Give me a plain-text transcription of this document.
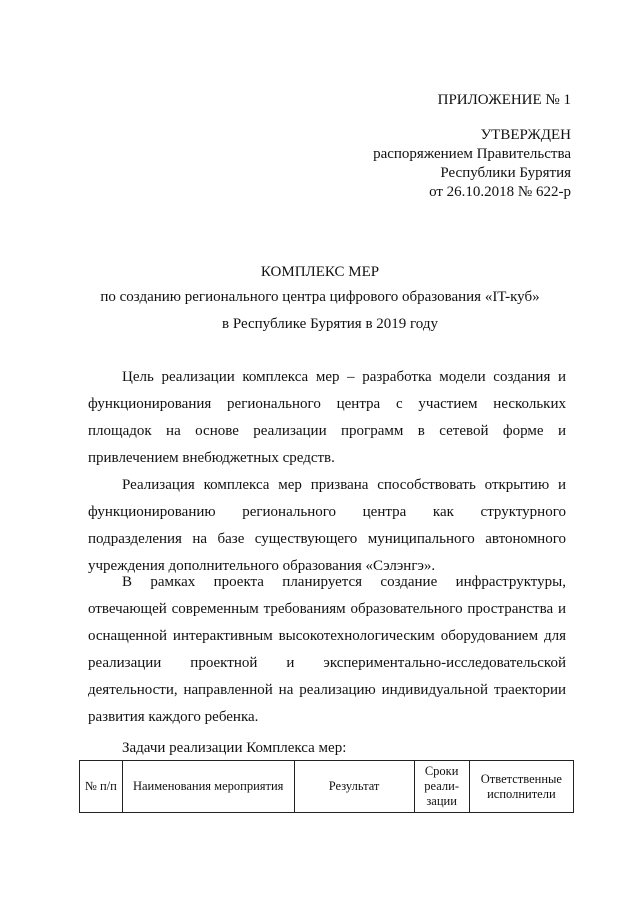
ПРИЛОЖЕНИЕ № 1
УТВЕРЖДЕН
распоряжением Правительства
Республики Бурятия
от 26.10.2018 № 622-р
КОМПЛЕКС МЕР
по созданию регионального центра цифрового образования «IT-куб»
в Республике Бурятия в 2019 году
Цель реализации комплекса мер – разработка модели создания и функционирования регионального центра с участием нескольких площадок на основе реализации программ в сетевой форме и привлечением внебюджетных средств.
Реализация комплекса мер призвана способствовать открытию и функционированию регионального центра как структурного подразделения на базе существующего муниципального автономного учреждения дополнительного образования «Сэлэнгэ».
В рамках проекта планируется создание инфраструктуры, отвечающей современным требованиям образовательного пространства и оснащенной интерактивным высокотехнологическим оборудованием для реализации проектной и экспериментально-исследовательской деятельности, направленной на реализацию индивидуальной траектории развития каждого ребенка.
Задачи реализации Комплекса мер:
№ п/п	Наименования мероприятия	Результат	Сроки реали-зации	Ответственные исполнители
